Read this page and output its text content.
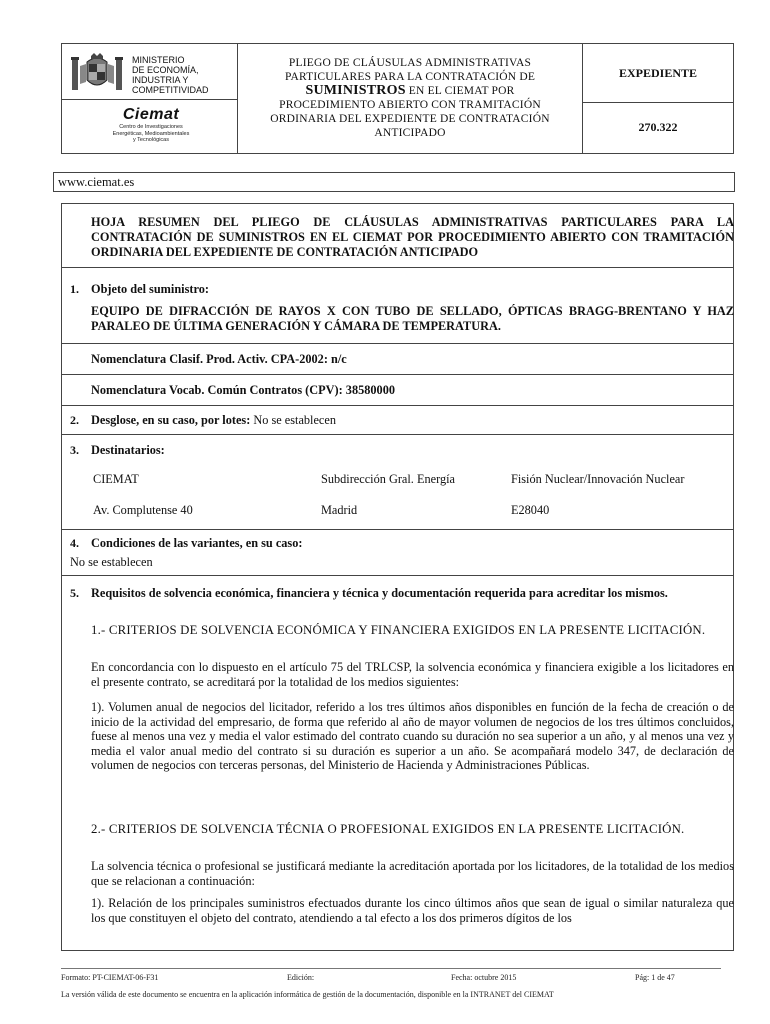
MINISTERIO
DE ECONOMÍA,
INDUSTRIA Y
COMPETITIVIDAD
Ciemat
Centro de Investigaciones
Energéticas, Medioambientales
y Tecnológicas
PLIEGO DE CLÁUSULAS ADMINISTRATIVAS
PARTICULARES PARA LA CONTRATACIÓN DE
SUMINISTROS EN EL CIEMAT POR
PROCEDIMIENTO ABIERTO CON TRAMITACIÓN
ORDINARIA DEL EXPEDIENTE DE CONTRATACIÓN
ANTICIPADO
EXPEDIENTE
270.322
www.ciemat.es
HOJA RESUMEN DEL PLIEGO DE CLÁUSULAS ADMINISTRATIVAS PARTICULARES PARA LA CONTRATACIÓN DE SUMINISTROS EN EL CIEMAT POR PROCEDIMIENTO ABIERTO CON TRAMITACIÓN ORDINARIA DEL EXPEDIENTE DE CONTRATACIÓN ANTICIPADO
1. Objeto del suministro:
EQUIPO DE DIFRACCIÓN DE RAYOS X CON TUBO DE SELLADO, ÓPTICAS BRAGG-BRENTANO Y HAZ PARALEO DE ÚLTIMA GENERACIÓN Y CÁMARA DE TEMPERATURA.
Nomenclatura Clasif. Prod. Activ. CPA-2002: n/c
Nomenclatura Vocab. Común Contratos (CPV): 38580000
2. Desglose, en su caso, por lotes: No se establecen
3. Destinatarios:
CIEMAT	Subdirección Gral. Energía	Fisión Nuclear/Innovación Nuclear
Av. Complutense 40	Madrid	E28040
4. Condiciones de las variantes, en su caso:
No se establecen
5. Requisitos de solvencia económica, financiera y técnica y documentación requerida para acreditar los mismos.
1.- CRITERIOS DE SOLVENCIA ECONÓMICA Y FINANCIERA EXIGIDOS EN LA PRESENTE LICITACIÓN.
En concordancia con lo dispuesto en el artículo 75 del TRLCSP, la solvencia económica y financiera exigible a los licitadores en el presente contrato, se acreditará por la totalidad de los medios siguientes:
1). Volumen anual de negocios del licitador, referido a los tres últimos años disponibles en función de la fecha de creación o de inicio de la actividad del empresario, de forma que referido al año de mayor volumen de negocios de los tres últimos concluidos, fuese al menos una vez y media el valor estimado del contrato cuando su duración no sea superior a un año, y al menos una vez y media el valor anual medio del contrato si su duración es superior a un año. Se acompañará modelo 347, de declaración de volumen de negocios con terceras personas, del Ministerio de Hacienda y Administraciones Públicas.
2.- CRITERIOS DE SOLVENCIA TÉCNIA O PROFESIONAL EXIGIDOS EN LA PRESENTE LICITACIÓN.
La solvencia técnica o profesional se justificará mediante la acreditación aportada por los licitadores, de la totalidad de los medios que se relacionan a continuación:
1). Relación de los principales suministros efectuados durante los cinco últimos años que sean de igual o similar naturaleza que los que constituyen el objeto del contrato, atendiendo a tal efecto a los dos primeros dígitos de los
Formato: PT-CIEMAT-06-F31	Edición:	Fecha: octubre 2015	Pág: 1 de 47
La versión válida de este documento se encuentra en la aplicación informática de gestión de la documentación, disponible en la INTRANET del CIEMAT
